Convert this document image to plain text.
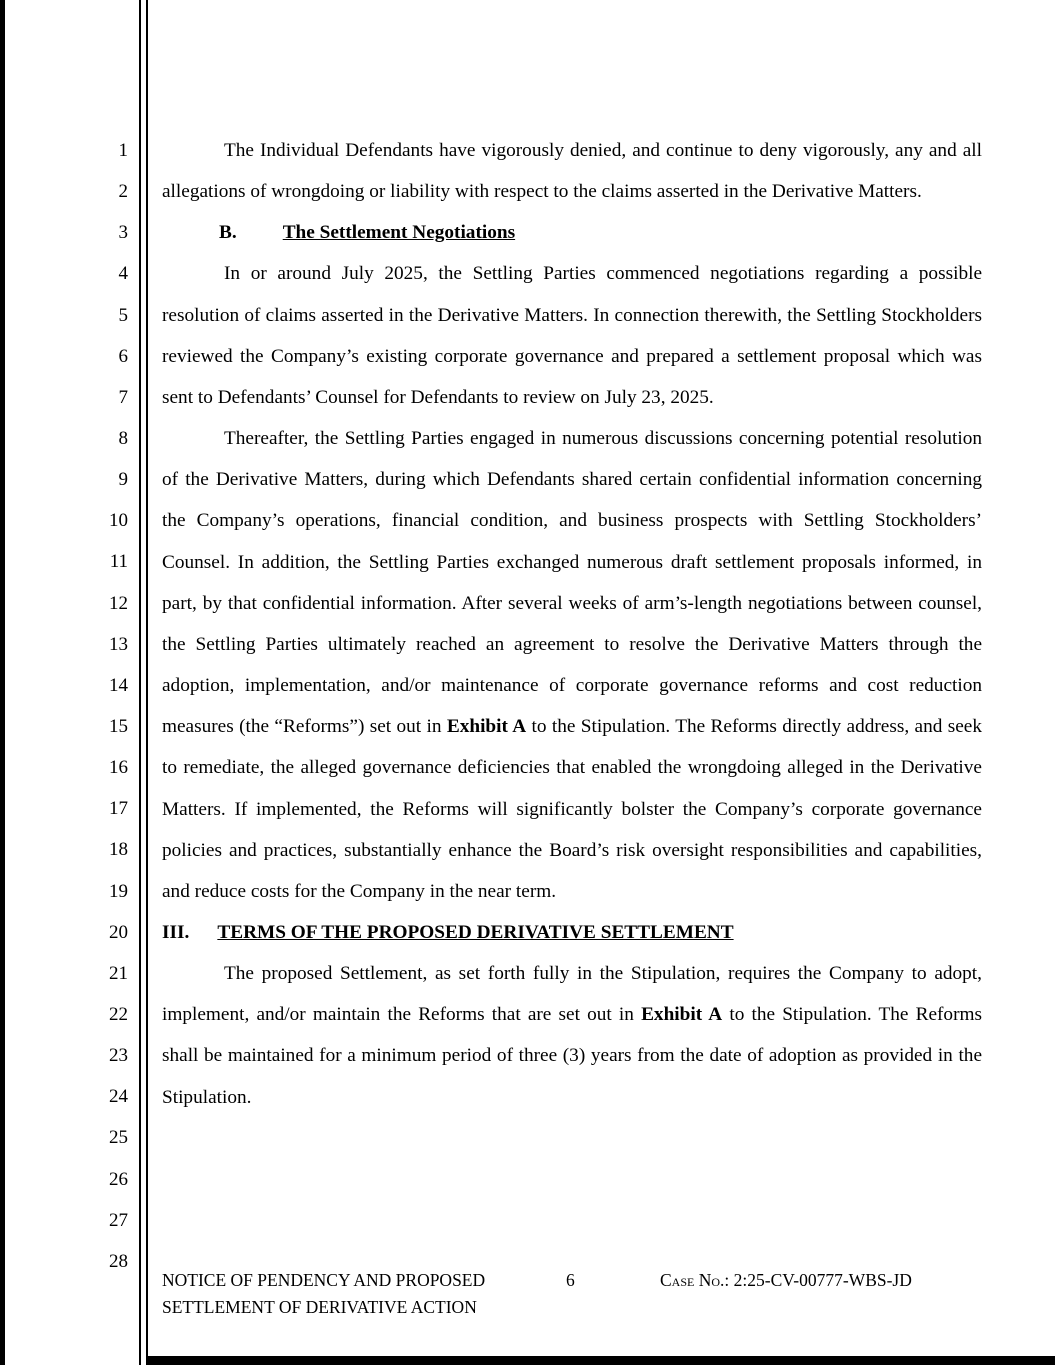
1
2
3
4
5
6
7
8
9
10
11
12
13
14
15
16
17
18
19
20
21
22
23
24
25
26
27
28

The Individual Defendants have vigorously denied, and continue to deny vigorously, any and all allegations of wrongdoing or liability with respect to the claims asserted in the Derivative Matters.

B. The Settlement Negotiations

In or around July 2025, the Settling Parties commenced negotiations regarding a possible resolution of claims asserted in the Derivative Matters. In connection therewith, the Settling Stockholders reviewed the Company’s existing corporate governance and prepared a settlement proposal which was sent to Defendants’ Counsel for Defendants to review on July 23, 2025.

Thereafter, the Settling Parties engaged in numerous discussions concerning potential resolution of the Derivative Matters, during which Defendants shared certain confidential information concerning the Company’s operations, financial condition, and business prospects with Settling Stockholders’ Counsel. In addition, the Settling Parties exchanged numerous draft settlement proposals informed, in part, by that confidential information. After several weeks of arm’s-length negotiations between counsel, the Settling Parties ultimately reached an agreement to resolve the Derivative Matters through the adoption, implementation, and/or maintenance of corporate governance reforms and cost reduction measures (the “Reforms”) set out in Exhibit A to the Stipulation. The Reforms directly address, and seek to remediate, the alleged governance deficiencies that enabled the wrongdoing alleged in the Derivative Matters. If implemented, the Reforms will significantly bolster the Company’s corporate governance policies and practices, substantially enhance the Board’s risk oversight responsibilities and capabilities, and reduce costs for the Company in the near term.

III. TERMS OF THE PROPOSED DERIVATIVE SETTLEMENT

The proposed Settlement, as set forth fully in the Stipulation, requires the Company to adopt, implement, and/or maintain the Reforms that are set out in Exhibit A to the Stipulation. The Reforms shall be maintained for a minimum period of three (3) years from the date of adoption as provided in the Stipulation.

NOTICE OF PENDENCY AND PROPOSED SETTLEMENT OF DERIVATIVE ACTION
6	Case No.: 2:25-CV-00777-WBS-JD
